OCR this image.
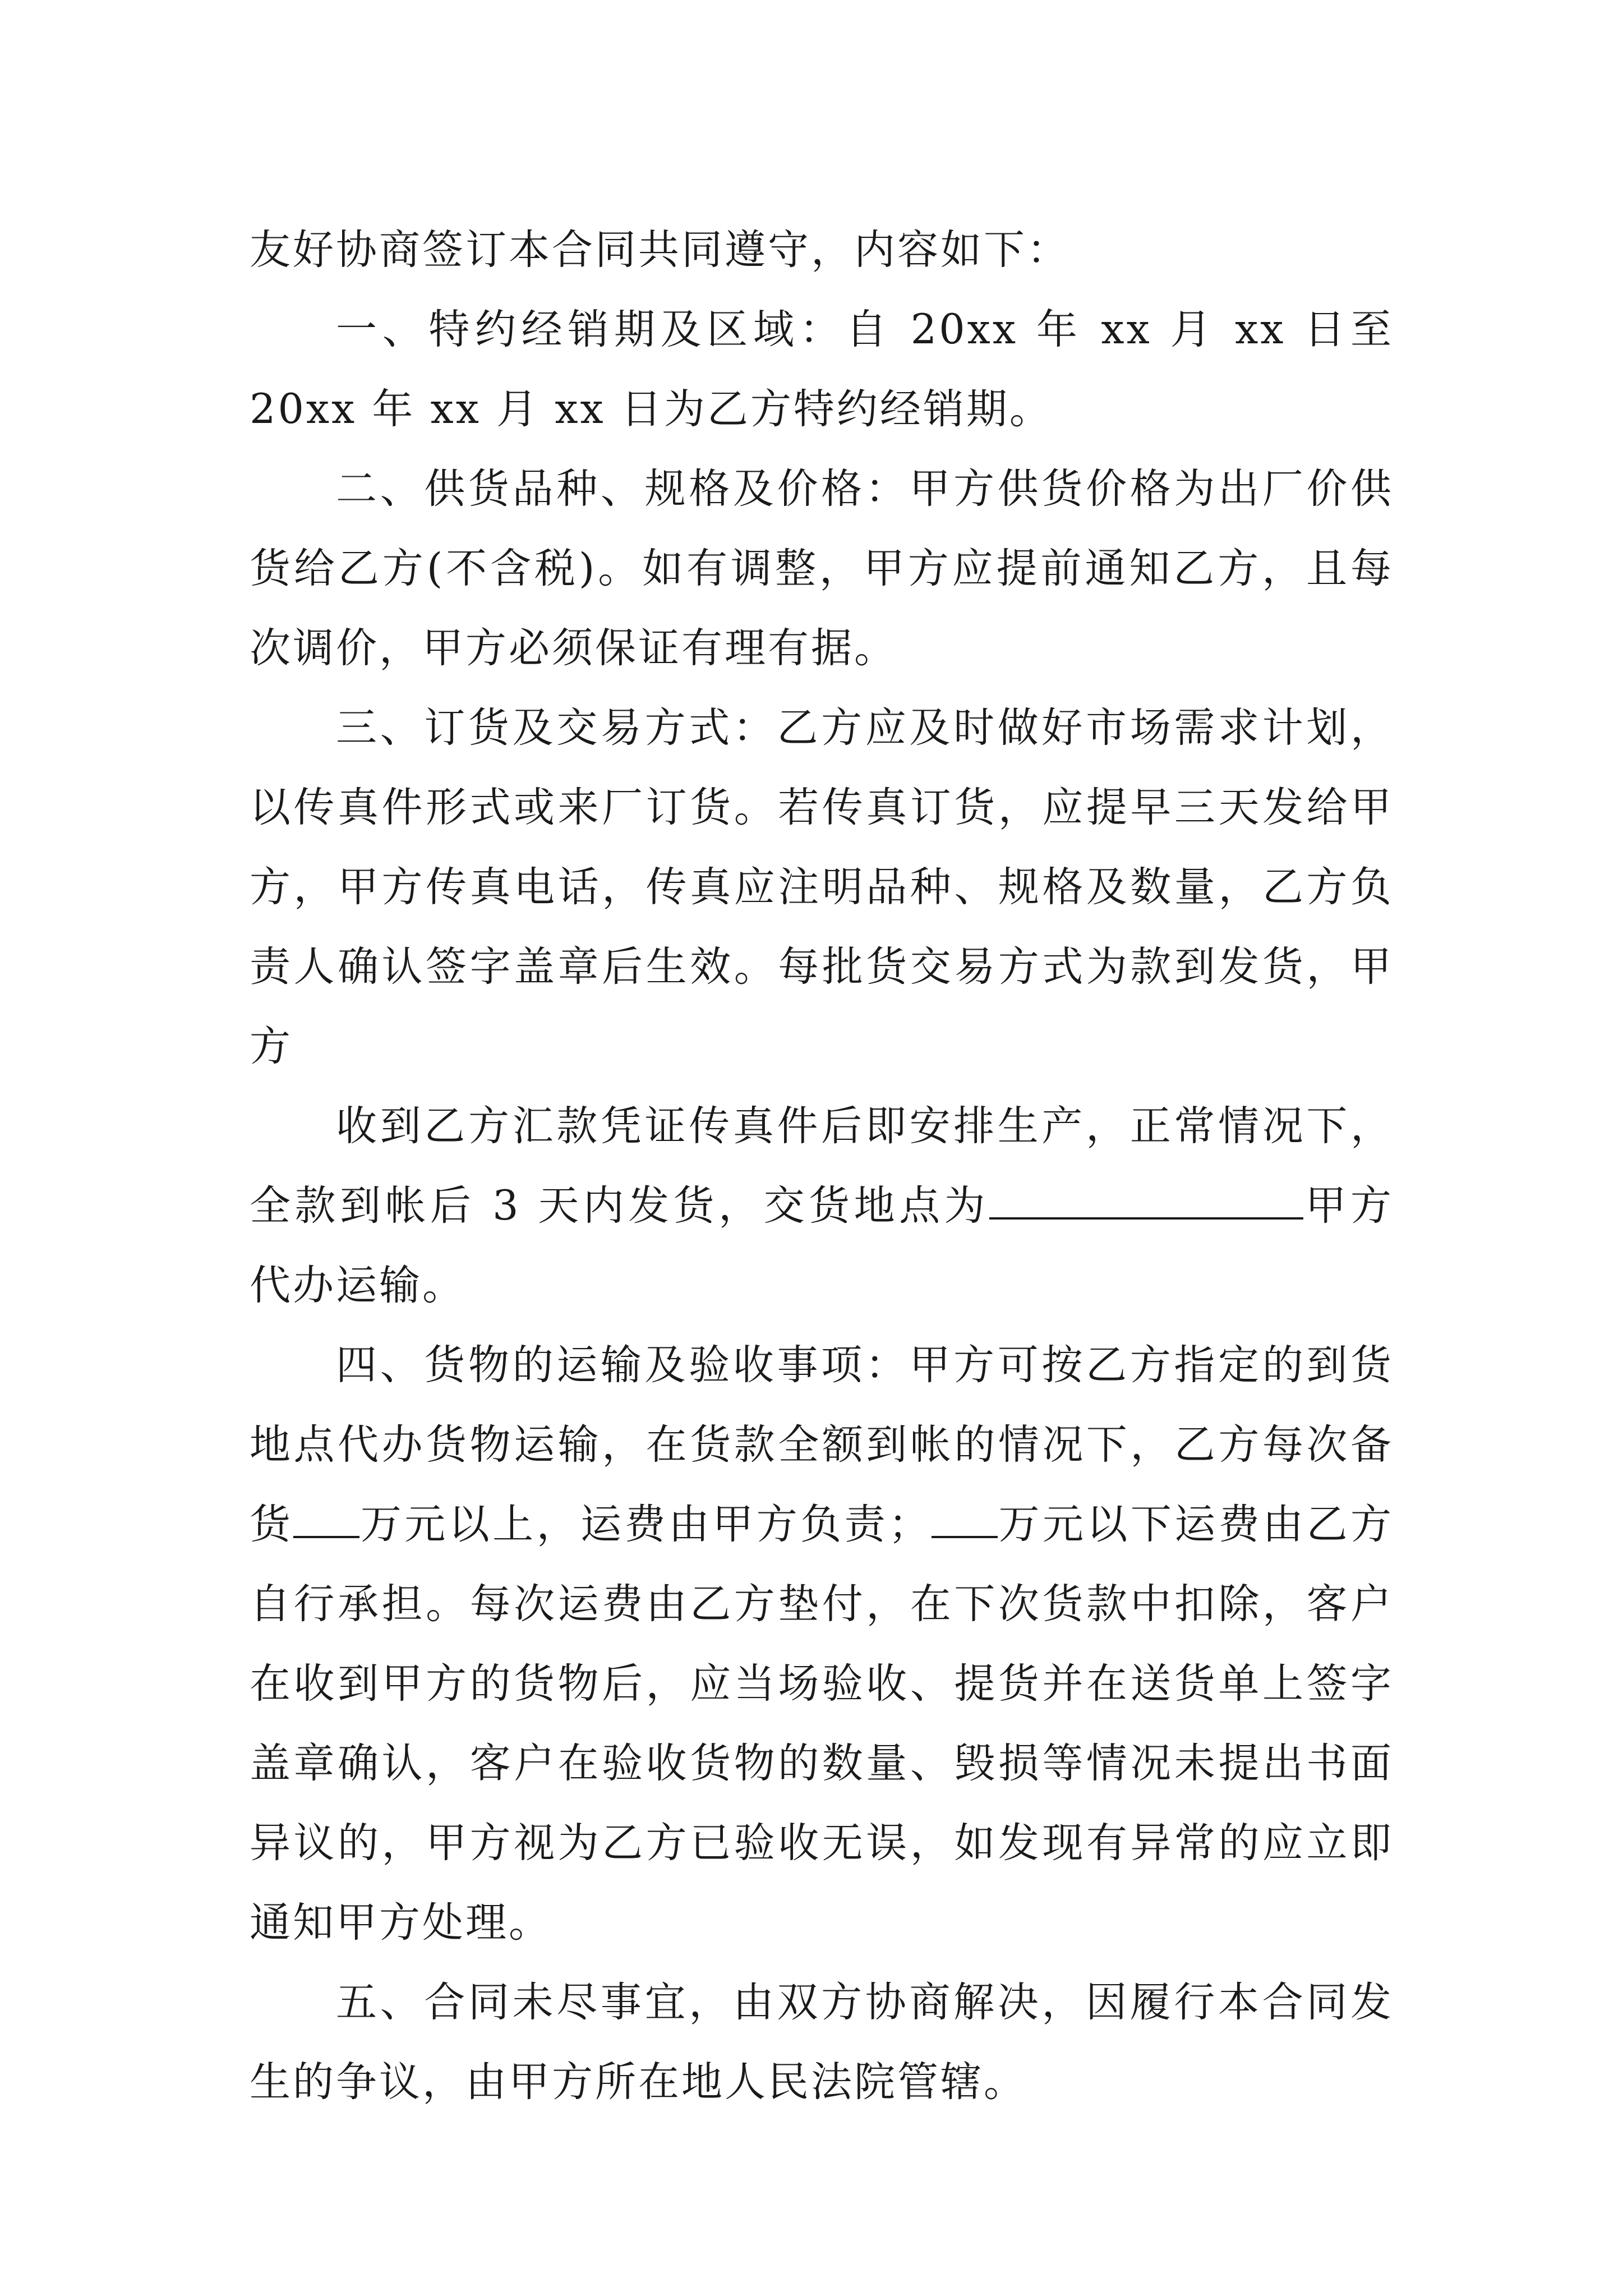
友好协商签订本合同共同遵守，内容如下：

一、特约经销期及区域：自 20xx 年 xx 月 xx 日至 20xx 年 xx 月 xx 日为乙方特约经销期。

二、供货品种、规格及价格：甲方供货价格为出厂价供货给乙方(不含税)。如有调整，甲方应提前通知乙方，且每次调价，甲方必须保证有理有据。

三、订货及交易方式：乙方应及时做好市场需求计划，以传真件形式或来厂订货。若传真订货，应提早三天发给甲方，甲方传真电话，传真应注明品种、规格及数量，乙方负责人确认签字盖章后生效。每批货交易方式为款到发货，甲方

收到乙方汇款凭证传真件后即安排生产，正常情况下，全款到帐后 3 天内发货，交货地点为	甲方代办运输。

四、货物的运输及验收事项：甲方可按乙方指定的到货地点代办货物运输，在货款全额到帐的情况下，乙方每次备货 万元以上，运费由甲方负责； 万元以下运费由乙方自行承担。每次运费由乙方垫付，在下次货款中扣除，客户在收到甲方的货物后，应当场验收、提货并在送货单上签字盖章确认，客户在验收货物的数量、毁损等情况未提出书面异议的，甲方视为乙方已验收无误，如发现有异常的应立即通知甲方处理。

五、合同未尽事宜，由双方协商解决，因履行本合同发生的争议，由甲方所在地人民法院管辖。
